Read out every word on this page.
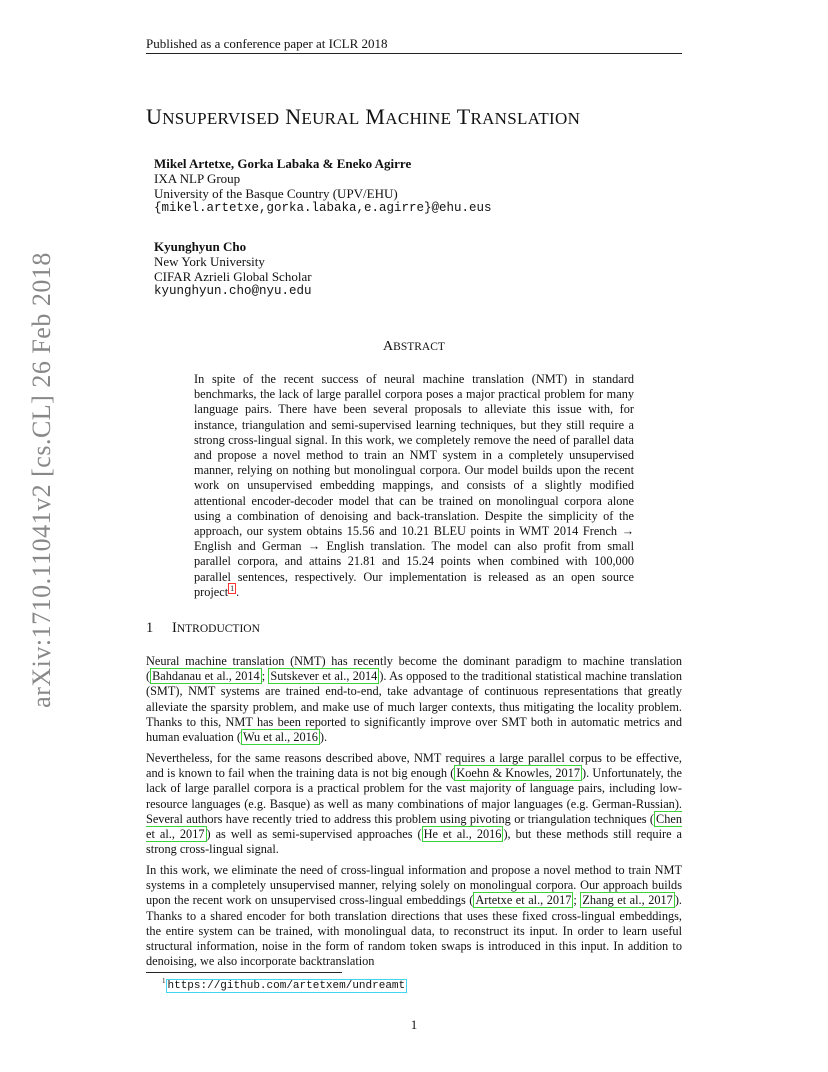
Published as a conference paper at ICLR 2018
arXiv:1710.11041v2 [cs.CL] 26 Feb 2018
UNSUPERVISED NEURAL MACHINE TRANSLATION
Mikel Artetxe, Gorka Labaka & Eneko Agirre
IXA NLP Group
University of the Basque Country (UPV/EHU)
{mikel.artetxe,gorka.labaka,e.agirre}@ehu.eus
Kyunghyun Cho
New York University
CIFAR Azrieli Global Scholar
kyunghyun.cho@nyu.edu
ABSTRACT
In spite of the recent success of neural machine translation (NMT) in standard benchmarks, the lack of large parallel corpora poses a major practical problem for many language pairs. There have been several proposals to alleviate this issue with, for instance, triangulation and semi-supervised learning techniques, but they still require a strong cross-lingual signal. In this work, we completely remove the need of parallel data and propose a novel method to train an NMT system in a completely unsupervised manner, relying on nothing but monolingual corpora. Our model builds upon the recent work on unsupervised embedding mappings, and consists of a slightly modified attentional encoder-decoder model that can be trained on monolingual corpora alone using a combination of denoising and back-translation. Despite the simplicity of the approach, our system obtains 15.56 and 10.21 BLEU points in WMT 2014 French → English and German → English translation. The model can also profit from small parallel corpora, and attains 21.81 and 15.24 points when combined with 100,000 parallel sentences, respectively. Our implementation is released as an open source project $^1$ .
1 INTRODUCTION
Neural machine translation (NMT) has recently become the dominant paradigm to machine translation ( Bahdanau et al., 2014 ; Sutskever et al., 2014 ). As opposed to the traditional statistical machine translation (SMT), NMT systems are trained end-to-end, take advantage of continuous representations that greatly alleviate the sparsity problem, and make use of much larger contexts, thus mitigating the locality problem. Thanks to this, NMT has been reported to significantly improve over SMT both in automatic metrics and human evaluation ( Wu et al., 2016 ).
Nevertheless, for the same reasons described above, NMT requires a large parallel corpus to be effective, and is known to fail when the training data is not big enough ( Koehn & Knowles, 2017 ). Unfortunately, the lack of large parallel corpora is a practical problem for the vast majority of language pairs, including low-resource languages (e.g. Basque) as well as many combinations of major languages (e.g. German-Russian). Several authors have recently tried to address this problem using pivoting or triangulation techniques ( Chen et al., 2017 ) as well as semi-supervised approaches ( He et al., 2016 ), but these methods still require a strong cross-lingual signal.
In this work, we eliminate the need of cross-lingual information and propose a novel method to train NMT systems in a completely unsupervised manner, relying solely on monolingual corpora. Our approach builds upon the recent work on unsupervised cross-lingual embeddings ( Artetxe et al., 2017 ; Zhang et al., 2017 ). Thanks to a shared encoder for both translation directions that uses these fixed cross-lingual embeddings, the entire system can be trained, with monolingual data, to reconstruct its input. In order to learn useful structural information, noise in the form of random token swaps is introduced in this input. In addition to denoising, we also incorporate backtranslation
$^1$ https://github.com/artetxem/undreamt
1
